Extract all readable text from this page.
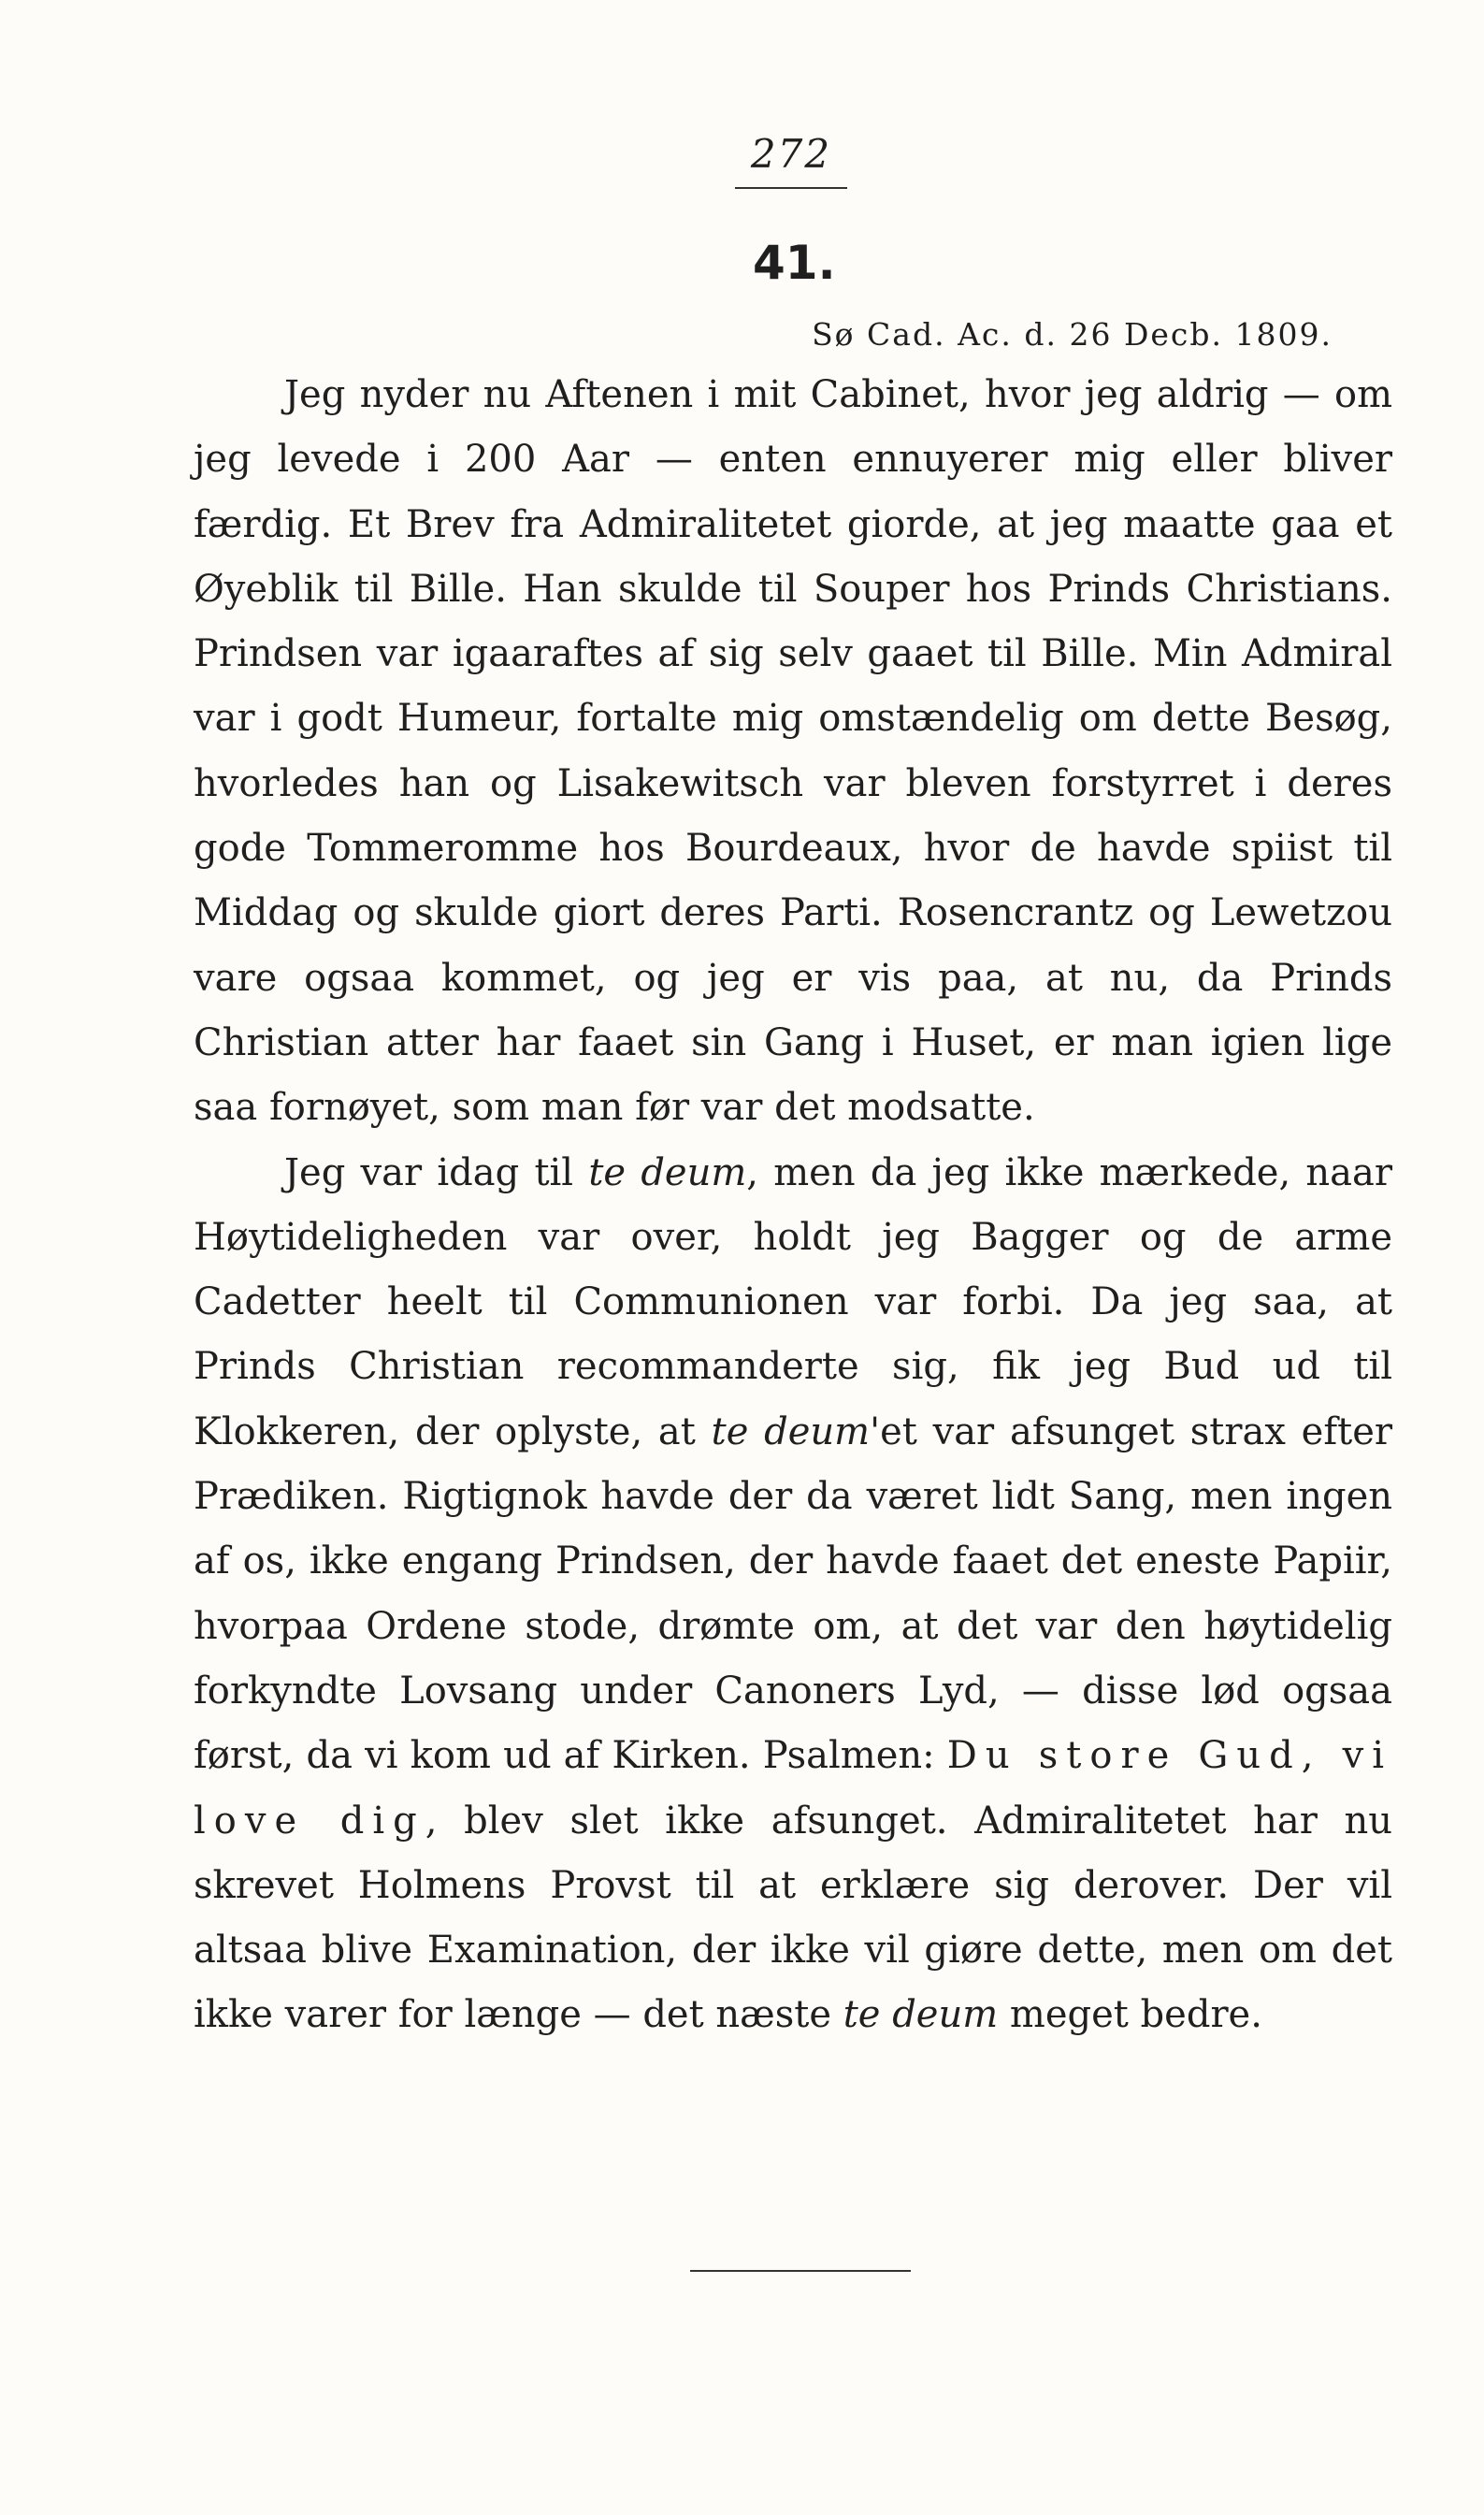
272
41.
Sø Cad. Ac. d. 26 Decb. 1809.

Jeg nyder nu Aftenen i mit Cabinet, hvor jeg aldrig — om jeg levede i 200 Aar — enten ennuyerer mig eller bliver færdig. Et Brev fra Admiralitetet giorde, at jeg maatte gaa et Øyeblik til Bille. Han skulde til Souper hos Prinds Christians. Prindsen var igaaraftes af sig selv gaaet til Bille. Min Admiral var i godt Humeur, fortalte mig omstændelig om dette Besøg, hvorledes han og Lisakewitsch var bleven forstyrret i deres gode Tommeromme hos Bourdeaux, hvor de havde spiist til Middag og skulde giort deres Parti. Rosencrantz og Lewetzou vare ogsaa kommet, og jeg er vis paa, at nu, da Prinds Christian atter har faaet sin Gang i Huset, er man igien lige saa fornøyet, som man før var det modsatte.

Jeg var idag til te deum, men da jeg ikke mærkede, naar Høytideligheden var over, holdt jeg Bagger og de arme Cadetter heelt til Communionen var forbi. Da jeg saa, at Prinds Christian recommanderte sig, fik jeg Bud ud til Klokkeren, der oplyste, at te deum'et var afsunget strax efter Prædiken. Rigtignok havde der da været lidt Sang, men ingen af os, ikke engang Prindsen, der havde faaet det eneste Papiir, hvorpaa Ordene stode, drømte om, at det var den høytidelig forkyndte Lovsang under Canoners Lyd, — disse lød ogsaa først, da vi kom ud af Kirken. Psalmen: Du store Gud, vi love dig, blev slet ikke afsunget. Admiralitetet har nu skrevet Holmens Provst til at erklære sig derover. Der vil altsaa blive Examination, der ikke vil giøre dette, men om det ikke varer for længe — det næste te deum meget bedre.
